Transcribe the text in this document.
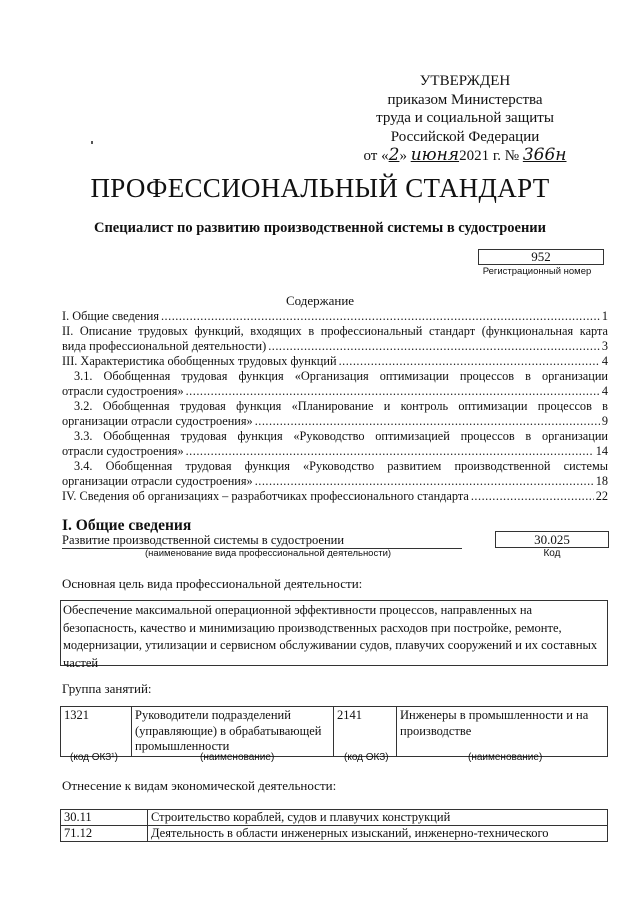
УТВЕРЖДЕН
приказом Министерства
труда и социальной защиты
Российской Федерации
от «2» июня2021 г. № 366н
ПРОФЕССИОНАЛЬНЫЙ СТАНДАРТ
Специалист по развитию производственной системы в судостроении
952
Регистрационный номер
Содержание
I. Общие сведения .....	1
II. Описание трудовых функций, входящих в профессиональный стандарт (функциональная карта
вида профессиональной деятельности) .....	3
III. Характеристика обобщенных трудовых функций .....	4
3.1. Обобщенная трудовая функция «Организация оптимизации процессов в организации
отрасли судостроения» .....	4
3.2. Обобщенная трудовая функция «Планирование и контроль оптимизации процессов в
организации отрасли судостроения» .....	9
3.3. Обобщенная трудовая функция «Руководство оптимизацией процессов в организации
отрасли судостроения» .....	14
3.4. Обобщенная трудовая функция «Руководство развитием производственной системы
организации отрасли судостроения» .....	18
IV. Сведения об организациях – разработчиках профессионального стандарта .....	22
I. Общие сведения
Развитие производственной системы в судостроении
(наименование вида профессиональной деятельности)
30.025
Код
Основная цель вида профессиональной деятельности:
Обеспечение максимальной операционной эффективности процессов, направленных на безопасность, качество и минимизацию производственных расходов при постройке, ремонте, модернизации, утилизации и сервисном обслуживании судов, плавучих сооружений и их составных частей
Группа занятий:
1321	Руководители подразделений (управляющие) в обрабатывающей промышленности	2141	Инженеры в промышленности и на производстве
(код ОКЗ¹)	(наименование)	(код ОКЗ)	(наименование)
Отнесение к видам экономической деятельности:
30.11	Строительство кораблей, судов и плавучих конструкций
71.12	Деятельность в области инженерных изысканий, инженерно-технического
